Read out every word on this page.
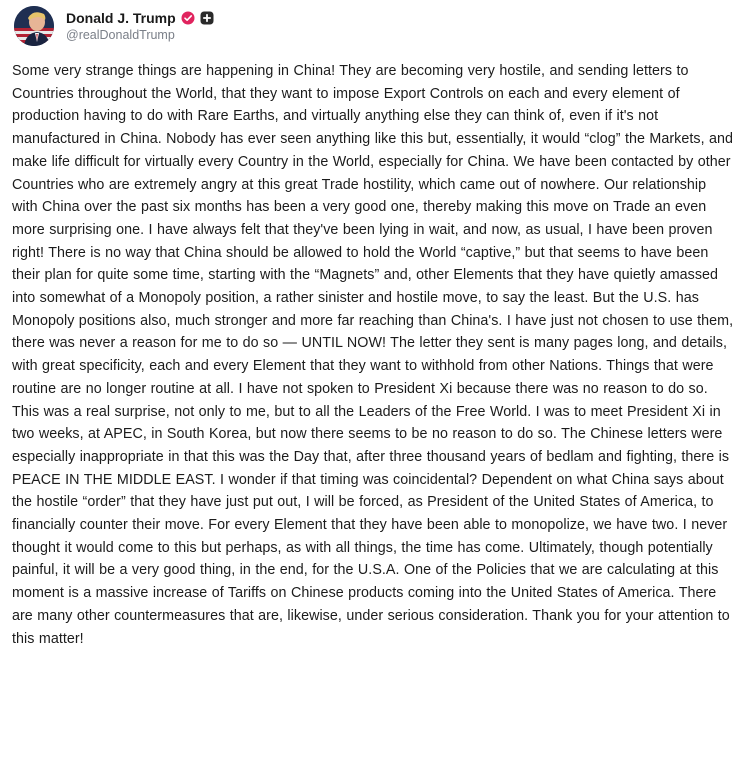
Donald J. Trump
@realDonaldTrump
Some very strange things are happening in China! They are becoming very hostile, and sending letters to Countries throughout the World, that they want to impose Export Controls on each and every element of production having to do with Rare Earths, and virtually anything else they can think of, even if it's not manufactured in China. Nobody has ever seen anything like this but, essentially, it would “clog” the Markets, and make life difficult for virtually every Country in the World, especially for China. We have been contacted by other Countries who are extremely angry at this great Trade hostility, which came out of nowhere. Our relationship with China over the past six months has been a very good one, thereby making this move on Trade an even more surprising one. I have always felt that they've been lying in wait, and now, as usual, I have been proven right! There is no way that China should be allowed to hold the World “captive,” but that seems to have been their plan for quite some time, starting with the “Magnets” and, other Elements that they have quietly amassed into somewhat of a Monopoly position, a rather sinister and hostile move, to say the least. But the U.S. has Monopoly positions also, much stronger and more far reaching than China's. I have just not chosen to use them, there was never a reason for me to do so — UNTIL NOW! The letter they sent is many pages long, and details, with great specificity, each and every Element that they want to withhold from other Nations. Things that were routine are no longer routine at all. I have not spoken to President Xi because there was no reason to do so. This was a real surprise, not only to me, but to all the Leaders of the Free World. I was to meet President Xi in two weeks, at APEC, in South Korea, but now there seems to be no reason to do so. The Chinese letters were especially inappropriate in that this was the Day that, after three thousand years of bedlam and fighting, there is PEACE IN THE MIDDLE EAST. I wonder if that timing was coincidental? Dependent on what China says about the hostile “order” that they have just put out, I will be forced, as President of the United States of America, to financially counter their move. For every Element that they have been able to monopolize, we have two. I never thought it would come to this but perhaps, as with all things, the time has come. Ultimately, though potentially painful, it will be a very good thing, in the end, for the U.S.A. One of the Policies that we are calculating at this moment is a massive increase of Tariffs on Chinese products coming into the United States of America. There are many other countermeasures that are, likewise, under serious consideration. Thank you for your attention to this matter!
